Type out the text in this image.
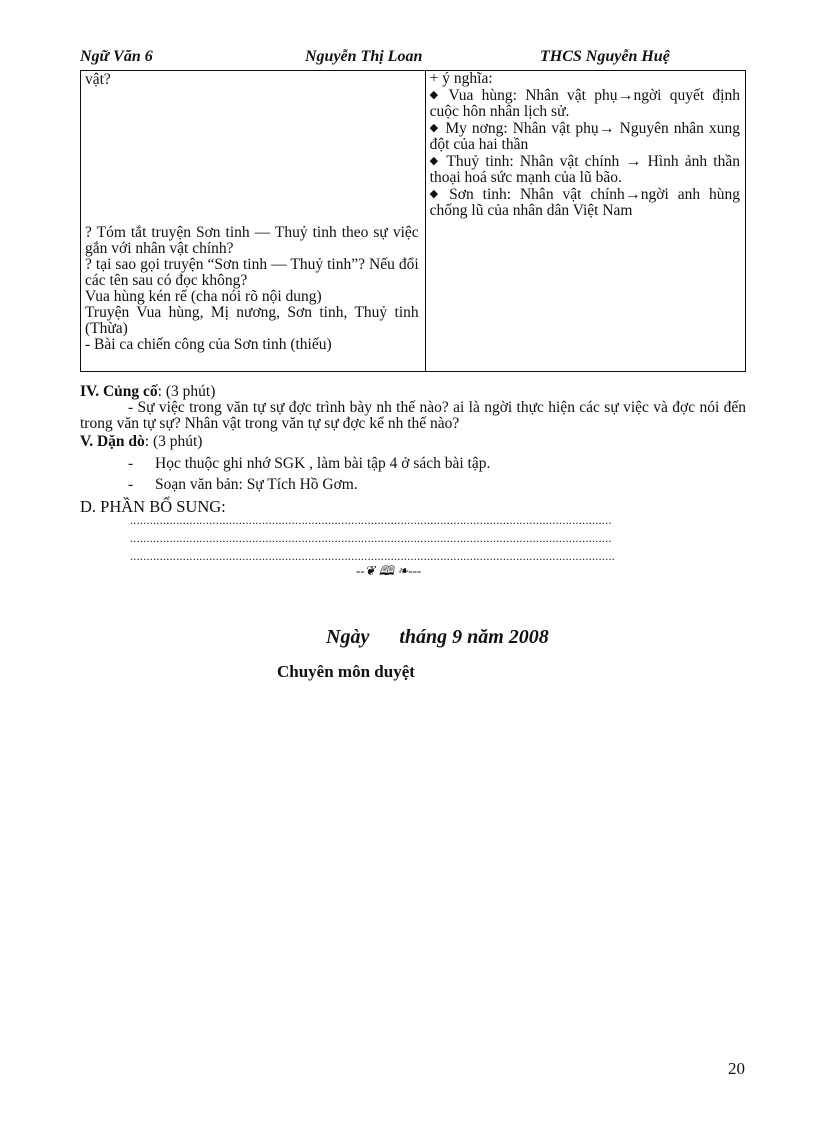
Ngữ Văn 6	Nguyễn Thị Loan	THCS Nguyễn Huệ
vật?
? Tóm tắt truyện Sơn tinh — Thuỷ tinh theo sự việc gắn với nhân vật chính?
? tại sao gọi truyện “Sơn tinh — Thuỷ tinh”? Nếu đổi các tên sau có đọc không?
Vua hùng kén rể (cha nói rõ nội dung)
Truyện Vua hùng, Mị nương, Sơn tinh, Thuỷ tinh (Thừa)
- Bài ca chiến công của Sơn tinh (thiếu)

+ ý nghĩa:
◆ Vua hùng: Nhân vật phụ→ngời quyết định cuộc hôn nhân lịch sử.
◆ My nơng: Nhân vật phụ→ Nguyên nhân xung đột của hai thần
◆ Thuỷ tinh: Nhân vật chính → Hình ảnh thần thoại hoá sức mạnh của lũ bão.
◆ Sơn tinh: Nhân vật chính→ngời anh hùng chống lũ của nhân dân Việt Nam
IV. Củng cố: (3 phút)
- Sự việc trong văn tự sự đợc trình bày nh thế nào? ai là ngời thực hiện các sự việc và đợc nói đến trong văn tự sự? Nhân vật trong văn tự sự đợc kể nh thế nào?
V. Dặn dò: (3 phút)
- Học thuộc ghi nhớ SGK , làm bài tập 4 ở sách bài tập.
- Soạn văn bản: Sự Tích Hồ Gơm.
D. PHẦN BỔ SUNG:
..................................................................................................................................................
..................................................................................................................................................
...................................................................................................................................................
--❦ 🕮 ❧---
Ngày tháng 9 năm 2008
Chuyên môn duyệt
20
